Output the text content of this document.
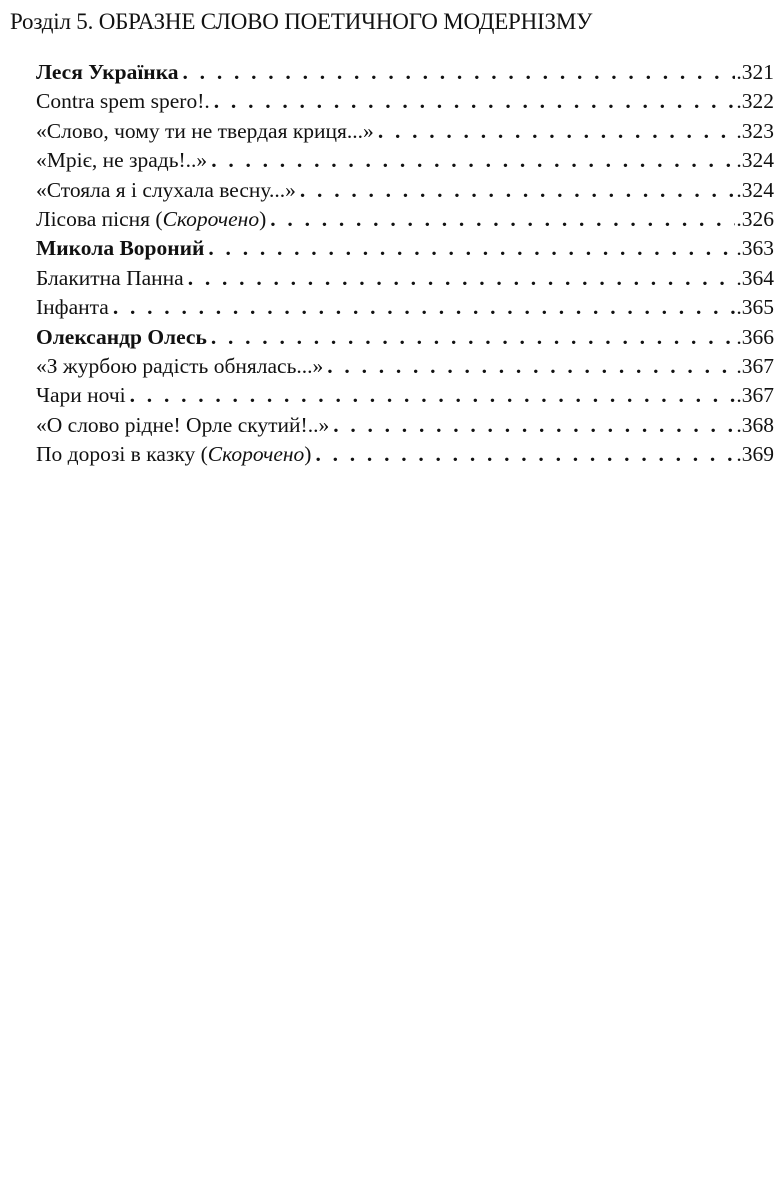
Розділ 5. ОБРАЗНЕ СЛОВО ПОЕТИЧНОГО МОДЕРНІЗМУ
Леся Українка . . .	.321
Contra spem spero!. . . .	.322
«Слово, чому ти не твердая криця...» . . .	.323
«Мріє, не зрадь!..» . . .	.324
«Стояла я і слухала весну...» . . .	.324
Лісова пісня (Скорочено) . . .	.326
Микола Вороний . . .	.363
Блакитна Панна . . .	.364
Інфанта . . .	.365
Олександр Олесь . . .	.366
«З журбою радість обнялась...» . . .	.367
Чари ночі . . .	.367
«О слово рідне! Орле скутий!..» . . .	.368
По дорозі в казку (Скорочено) . . .	.369
